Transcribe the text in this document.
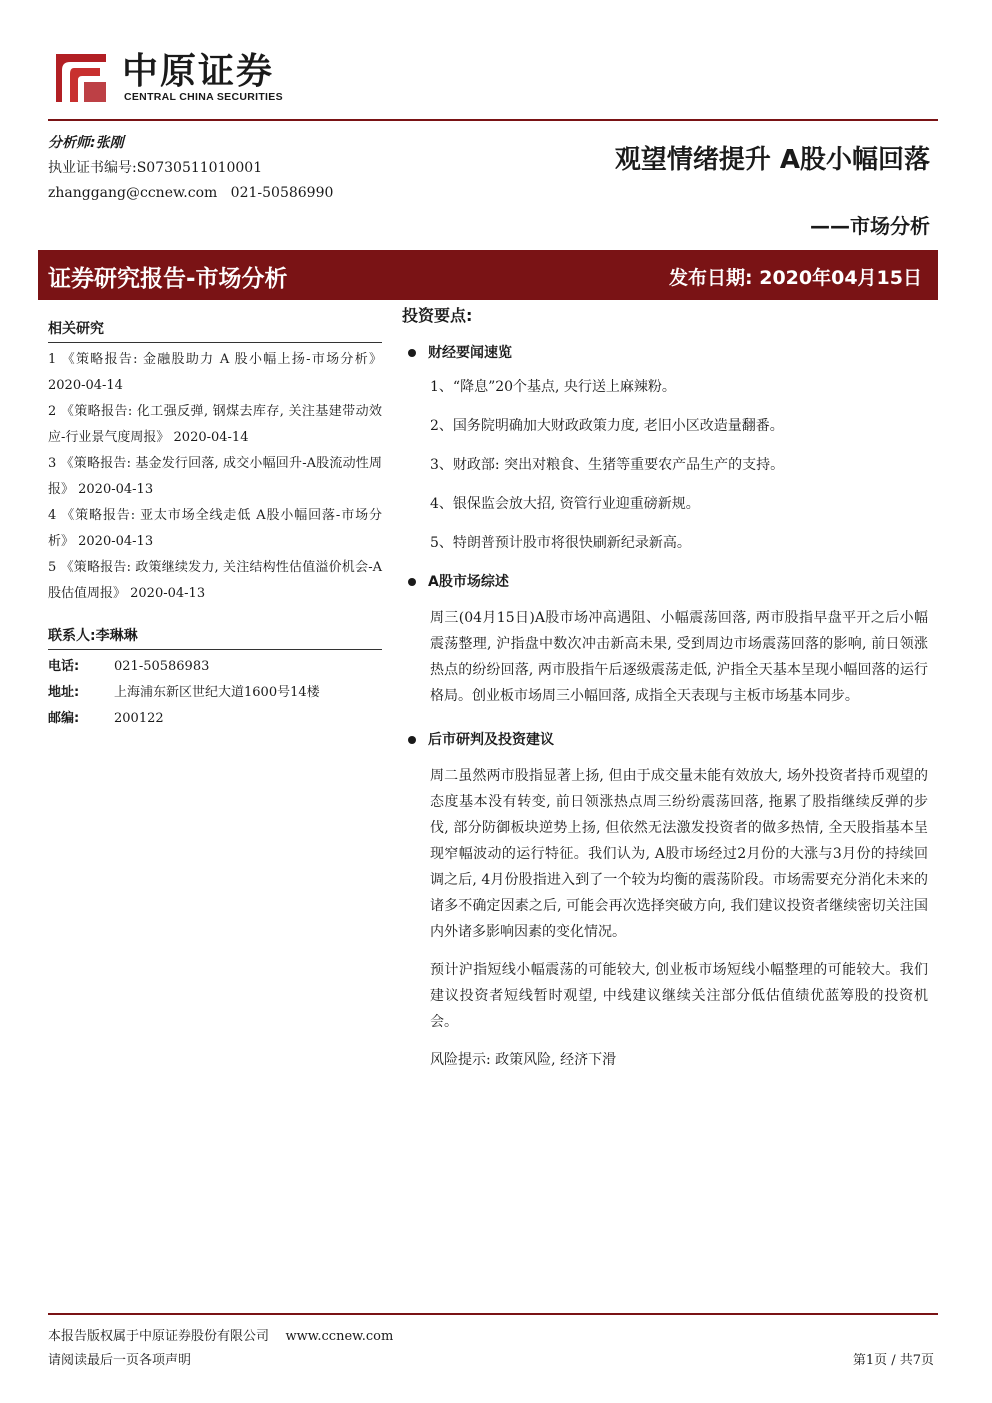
中原证券
CENTRAL CHINA SECURITIES
分析师:张刚
执业证书编号:S0730511010001
zhanggang@ccnew.com 021-50586990
观望情绪提升 A股小幅回落
——市场分析
证券研究报告-市场分析	发布日期: 2020年04月15日
相关研究
1 《策略报告: 金融股助力 A 股小幅上扬-市场分析》 2020-04-14
2 《策略报告: 化工强反弹, 钢煤去库存, 关注基建带动效应-行业景气度周报》 2020-04-14
3 《策略报告: 基金发行回落, 成交小幅回升-A股流动性周报》 2020-04-13
4 《策略报告: 亚太市场全线走低 A股小幅回落-市场分析》 2020-04-13
5 《策略报告: 政策继续发力, 关注结构性估值溢价机会-A股估值周报》 2020-04-13
联系人:李琳琳
电话:	021-50586983
地址:	上海浦东新区世纪大道1600号14楼
邮编:	200122
投资要点:
财经要闻速览
1、“降息”20个基点, 央行送上麻辣粉。
2、国务院明确加大财政政策力度, 老旧小区改造量翻番。
3、财政部: 突出对粮食、生猪等重要农产品生产的支持。
4、银保监会放大招, 资管行业迎重磅新规。
5、特朗普预计股市将很快刷新纪录新高。
A股市场综述
周三(04月15日)A股市场冲高遇阻、小幅震荡回落, 两市股指早盘平开之后小幅震荡整理, 沪指盘中数次冲击新高未果, 受到周边市场震荡回落的影响, 前日领涨热点的纷纷回落, 两市股指午后逐级震荡走低, 沪指全天基本呈现小幅回落的运行格局。创业板市场周三小幅回落, 成指全天表现与主板市场基本同步。
后市研判及投资建议
周二虽然两市股指显著上扬, 但由于成交量未能有效放大, 场外投资者持币观望的态度基本没有转变, 前日领涨热点周三纷纷震荡回落, 拖累了股指继续反弹的步伐, 部分防御板块逆势上扬, 但依然无法激发投资者的做多热情, 全天股指基本呈现窄幅波动的运行特征。我们认为, A股市场经过2月份的大涨与3月份的持续回调之后, 4月份股指进入到了一个较为均衡的震荡阶段。市场需要充分消化未来的诸多不确定因素之后, 可能会再次选择突破方向, 我们建议投资者继续密切关注国内外诸多影响因素的变化情况。
预计沪指短线小幅震荡的可能较大, 创业板市场短线小幅整理的可能较大。我们建议投资者短线暂时观望, 中线建议继续关注部分低估值绩优蓝筹股的投资机会。
风险提示: 政策风险, 经济下滑
本报告版权属于中原证券股份有限公司 www.ccnew.com
请阅读最后一页各项声明	第1页 / 共7页
